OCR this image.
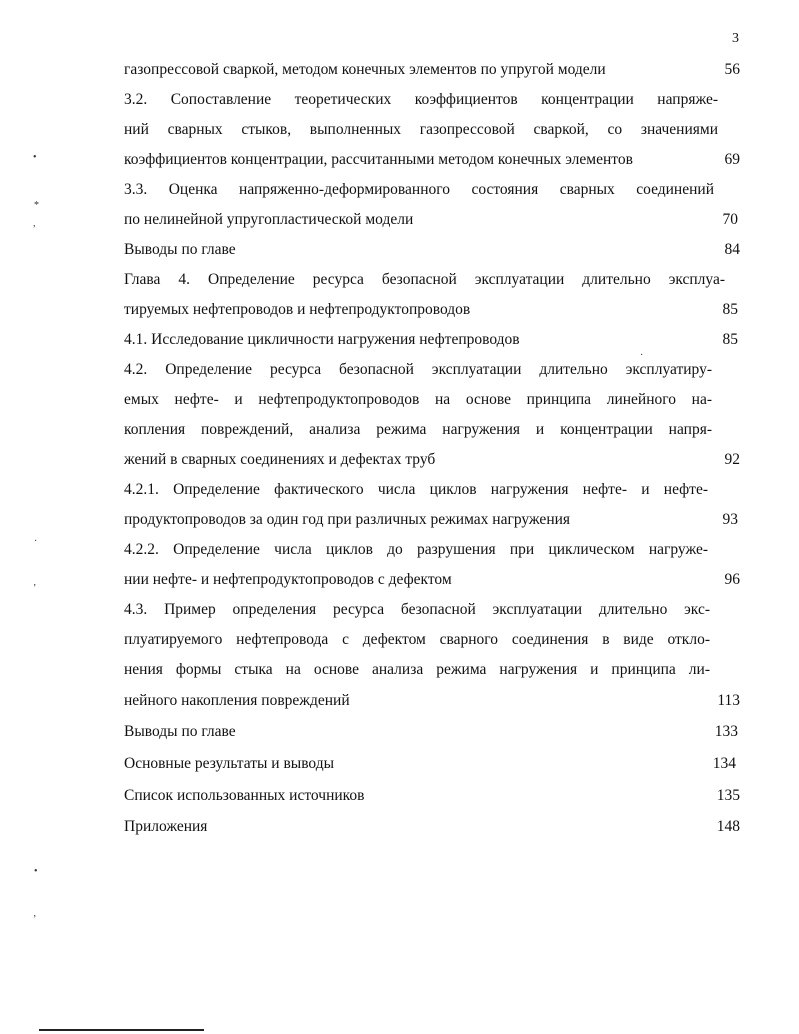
3
газопрессовой сваркой, методом конечных элементов по упругой модели	56
3.2. Сопоставление теоретических коэффициентов концентрации напряже-
ний сварных стыков, выполненных газопрессовой сваркой, со значениями
коэффициентов концентрации, рассчитанными методом конечных элементов	69
3.3. Оценка напряженно-деформированного состояния сварных соединений
по нелинейной упругопластической модели	70
Выводы по главе	84
Глава 4. Определение ресурса безопасной эксплуатации длительно эксплуа-
тируемых нефтепроводов и нефтепродуктопроводов	85
4.1. Исследование цикличности нагружения нефтепроводов	85
4.2. Определение ресурса безопасной эксплуатации длительно эксплуатиру-
емых нефте- и нефтепродуктопроводов на основе принципа линейного на-
копления повреждений, анализа режима нагружения и концентрации напря-
жений в сварных соединениях и дефектах труб	92
4.2.1. Определение фактического числа циклов нагружения нефте- и нефте-
продуктопроводов за один год при различных режимах нагружения	93
4.2.2. Определение числа циклов до разрушения при циклическом нагруже-
нии нефте- и нефтепродуктопроводов с дефектом	96
4.3. Пример определения ресурса безопасной эксплуатации длительно экс-
плуатируемого нефтепровода с дефектом сварного соединения в виде откло-
нения формы стыка на основе анализа режима нагружения и принципа ли-
нейного накопления повреждений	113
Выводы по главе	133
Основные результаты и выводы	134
Список использованных источников	135
Приложения	148
•
*
,
·
ʼ
•
ʼ
·
